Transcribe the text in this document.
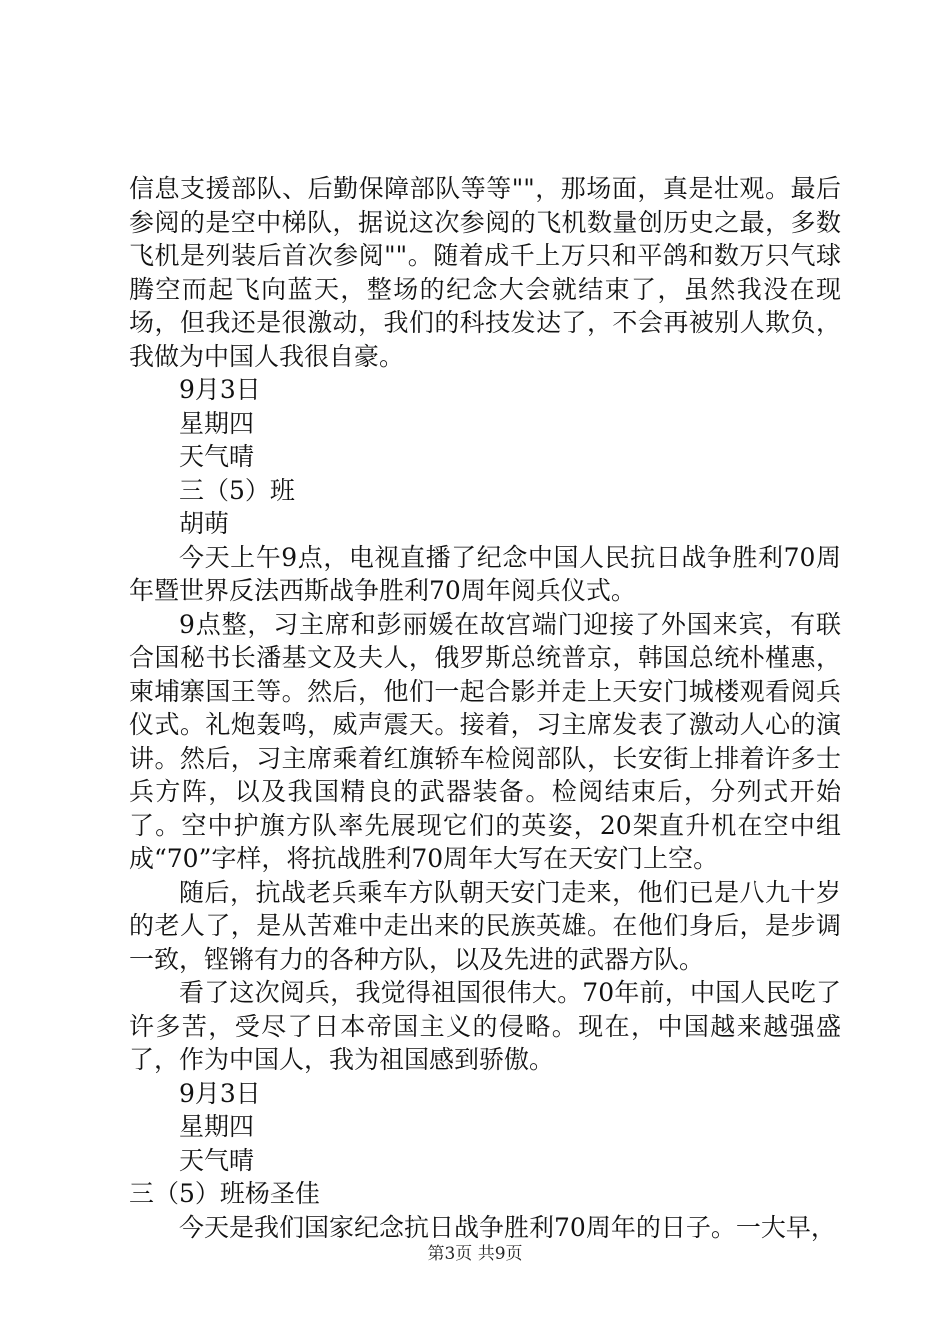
信息支援部队、后勤保障部队等等""，那场面，真是壮观。最后参阅的是空中梯队，据说这次参阅的飞机数量创历史之最，多数飞机是列装后首次参阅""。随着成千上万只和平鸽和数万只气球腾空而起飞向蓝天，整场的纪念大会就结束了，虽然我没在现场，但我还是很激动，我们的科技发达了，不会再被别人欺负，我做为中国人我很自豪。

9月3日

星期四

天气晴

三（5）班

胡萌

今天上午9点，电视直播了纪念中国人民抗日战争胜利70周年暨世界反法西斯战争胜利70周年阅兵仪式。

9点整，习主席和彭丽媛在故宫端门迎接了外国来宾，有联合国秘书长潘基文及夫人，俄罗斯总统普京，韩国总统朴槿惠，柬埔寨国王等。然后，他们一起合影并走上天安门城楼观看阅兵仪式。礼炮轰鸣，威声震天。接着，习主席发表了激动人心的演讲。然后，习主席乘着红旗轿车检阅部队，长安街上排着许多士兵方阵，以及我国精良的武器装备。检阅结束后，分列式开始了。空中护旗方队率先展现它们的英姿，20架直升机在空中组成“70”字样，将抗战胜利70周年大写在天安门上空。

随后，抗战老兵乘车方队朝天安门走来，他们已是八九十岁的老人了，是从苦难中走出来的民族英雄。在他们身后，是步调一致，铿锵有力的各种方队，以及先进的武器方队。

看了这次阅兵，我觉得祖国很伟大。70年前，中国人民吃了许多苦，受尽了日本帝国主义的侵略。现在，中国越来越强盛了，作为中国人，我为祖国感到骄傲。

9月3日

星期四

天气晴

三（5）班杨圣佳

今天是我们国家纪念抗日战争胜利70周年的日子。一大早，

第3页 共9页
